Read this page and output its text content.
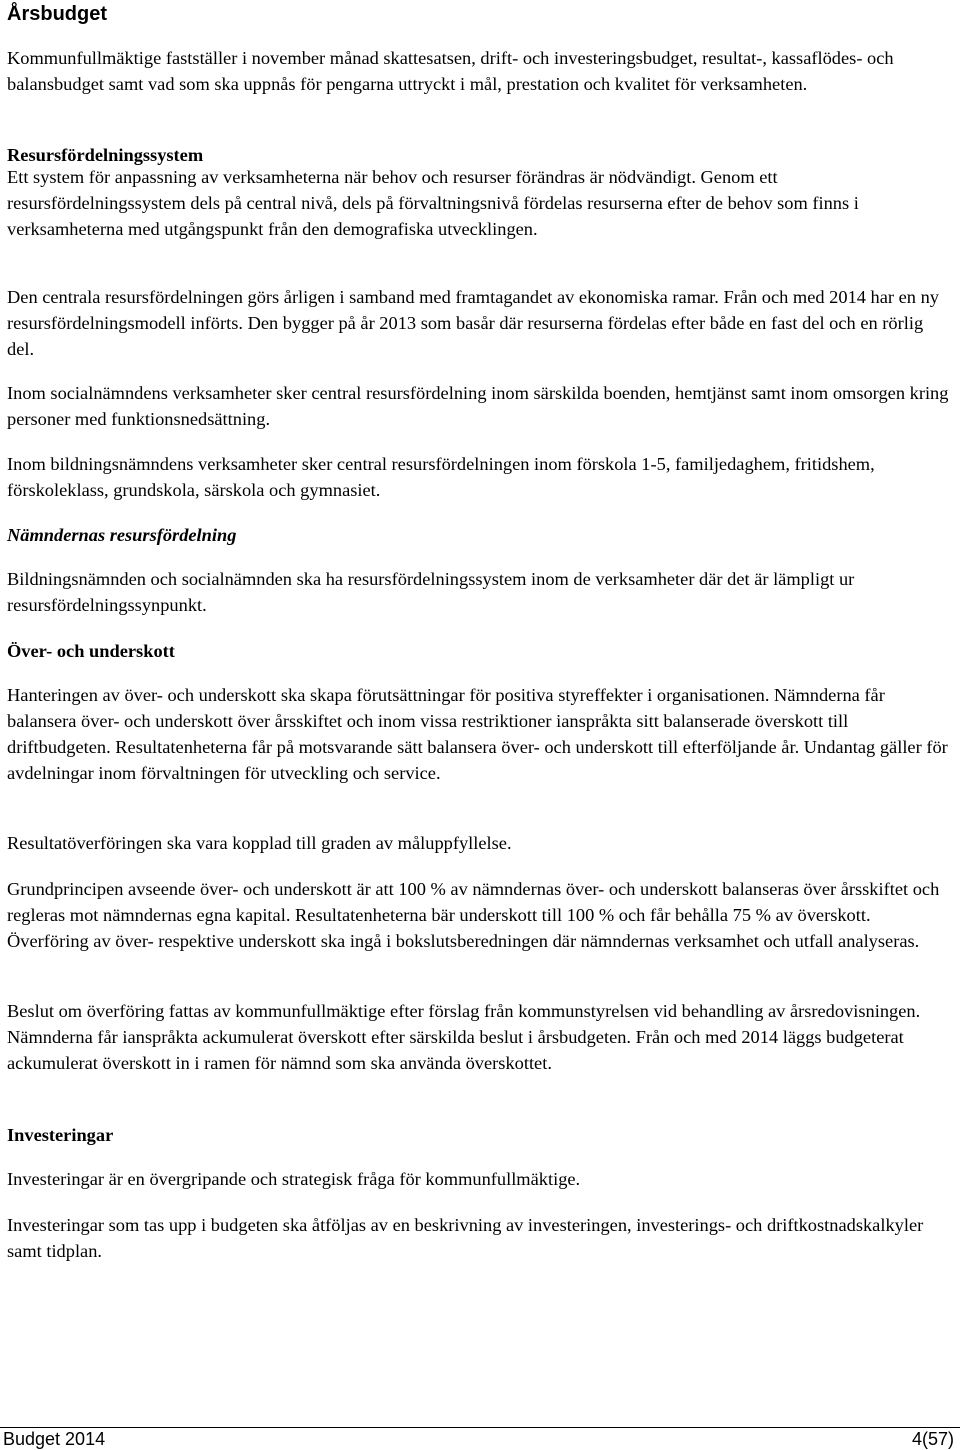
Årsbudget

Kommunfullmäktige fastställer i november månad skattesatsen, drift- och investeringsbudget, resultat-, kassaflödes- och balansbudget samt vad som ska uppnås för pengarna uttryckt i mål, prestation och kvalitet för verksamheten.

Resursfördelningssystem

Ett system för anpassning av verksamheterna när behov och resurser förändras är nödvändigt. Genom ett resursfördelningssystem dels på central nivå, dels på förvaltningsnivå fördelas resurserna efter de behov som finns i verksamheterna med utgångspunkt från den demografiska utvecklingen.

Den centrala resursfördelningen görs årligen i samband med framtagandet av ekonomiska ramar. Från och med 2014 har en ny resursfördelningsmodell införts. Den bygger på år 2013 som basår där resurserna fördelas efter både en fast del och en rörlig del.

Inom socialnämndens verksamheter sker central resursfördelning inom särskilda boenden, hemtjänst samt inom omsorgen kring personer med funktionsnedsättning.

Inom bildningsnämndens verksamheter sker central resursfördelningen inom förskola 1-5, familjedaghem, fritidshem, förskoleklass, grundskola, särskola och gymnasiet.

Nämndernas resursfördelning

Bildningsnämnden och socialnämnden ska ha resursfördelningssystem inom de verksamheter där det är lämpligt ur resursfördelningssynpunkt.

Över- och underskott

Hanteringen av över- och underskott ska skapa förutsättningar för positiva styreffekter i organisationen. Nämnderna får balansera över- och underskott över årsskiftet och inom vissa restriktioner ianspråkta sitt balanserade överskott till driftbudgeten. Resultatenheterna får på motsvarande sätt balansera över- och underskott till efterföljande år. Undantag gäller för avdelningar inom förvaltningen för utveckling och service.

Resultatöverföringen ska vara kopplad till graden av måluppfyllelse.

Grundprincipen avseende över- och underskott är att 100 % av nämndernas över- och underskott balanseras över årsskiftet och regleras mot nämndernas egna kapital. Resultatenheterna bär underskott till 100 % och får behålla 75 % av överskott. Överföring av över- respektive underskott ska ingå i bokslutsberedningen där nämndernas verksamhet och utfall analyseras.

Beslut om överföring fattas av kommunfullmäktige efter förslag från kommunstyrelsen vid behandling av årsredovisningen. Nämnderna får ianspråkta ackumulerat överskott efter särskilda beslut i årsbudgeten. Från och med 2014 läggs budgeterat ackumulerat överskott in i ramen för nämnd som ska använda överskottet.

Investeringar

Investeringar är en övergripande och strategisk fråga för kommunfullmäktige.

Investeringar som tas upp i budgeten ska åtföljas av en beskrivning av investeringen, investerings- och driftkostnadskalkyler samt tidplan.

Budget 2014	4(57)
